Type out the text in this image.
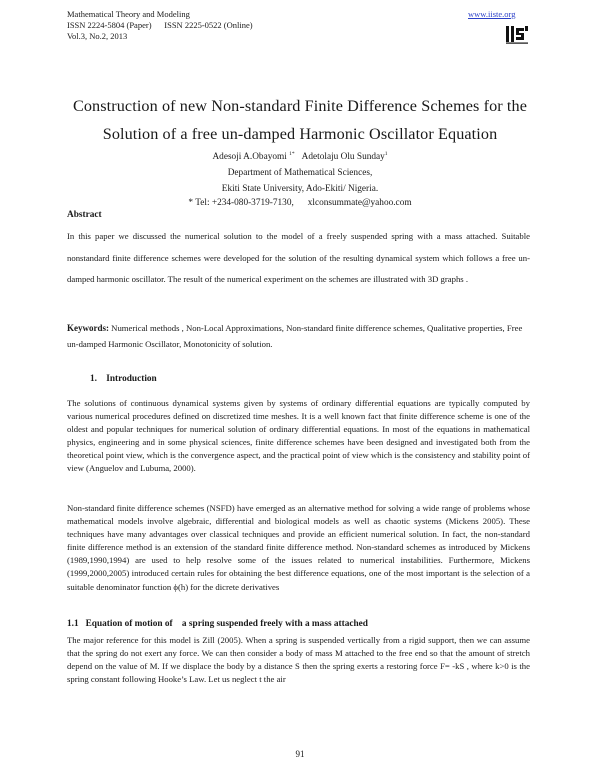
Mathematical Theory and Modeling
ISSN 2224-5804 (Paper)      ISSN 2225-0522 (Online)
Vol.3, No.2, 2013
www.iiste.org
Construction of new Non-standard Finite Difference Schemes for the
Solution of a free un-damped Harmonic Oscillator Equation
Adesoji A.Obayomi $^{1*}$ Adetolaju Olu Sunday$^1$
Department of Mathematical Sciences,
Ekiti State University, Ado-Ekiti/ Nigeria.
* Tel: +234-080-3719-7130,      xlconsummate@yahoo.com
Abstract
In this paper we discussed the numerical solution to the model of a freely suspended spring with a mass attached. Suitable nonstandard finite difference schemes were developed for the solution of the resulting dynamical system which follows a free un-damped harmonic oscillator. The result of the numerical experiment on the schemes are illustrated with 3D graphs .
Keywords: Numerical methods , Non-Local Approximations, Non-standard finite difference schemes, Qualitative properties, Free un-damped Harmonic Oscillator, Monotonicity of solution.
1.    Introduction
The solutions of continuous dynamical systems given by systems of ordinary differential equations are typically computed by various numerical procedures defined on discretized time meshes. It is a well known fact that finite difference scheme is one of the oldest and popular techniques for numerical solution of ordinary differential equations. In most of the equations in mathematical physics, engineering and in some physical sciences, finite difference schemes have been designed and investigated both from the theoretical point view, which is the convergence aspect, and the practical point of view which is the consistency and stability point of view (Anguelov and Lubuma, 2000).
Non-standard finite difference schemes (NSFD) have emerged as an alternative method for solving a wide range of problems whose mathematical models involve algebraic, differential and biological models as well as chaotic systems (Mickens 2005). These techniques have many advantages over classical techniques and provide an efficient numerical solution. In fact, the non-standard finite difference method is an extension of the standard finite difference method. Non-standard schemes as introduced by Mickens (1989,1990,1994) are used to help resolve some of the issues related to numerical instabilities. Furthermore, Mickens (1999,2000,2005) introduced certain rules for obtaining the best difference equations, one of the most important is the selection of a suitable denominator function ϕ(h) for the dicrete derivatives
1.1   Equation of motion of    a spring suspended freely with a mass attached
The major reference for this model is Zill (2005). When a spring is suspended vertically from a rigid support, then we can assume that the spring do not exert any force. We can then consider a body of mass M attached to the free end so that the amount of stretch depend on the value of M. If we displace the body by a distance S then the spring exerts a restoring force F= -kS , where k>0 is the spring constant following Hooke’s Law. Let us neglect t the air
91
